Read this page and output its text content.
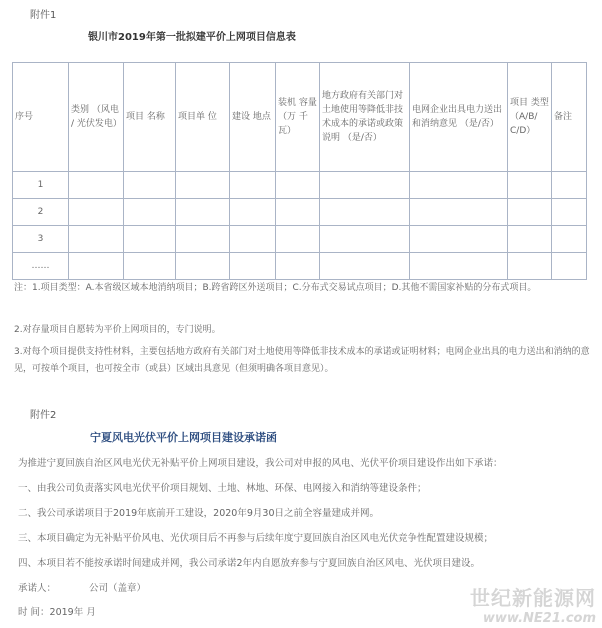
附件1
银川市2019年第一批拟建平价上网项目信息表
序号	类别 （风电 / 光伏发电）	项目 名称	项目单 位	建设 地点	装机 容量（万 千瓦）	地方政府有关部门对土地使用等降低非技术成本的承诺或政策说明 （是/否）	电网企业出具电力送出和消纳意见 （是/否）	项目 类型 （A/B/ C/D）	备注
1									
2									
3									
……									
注：1.项目类型：A.本省级区域本地消纳项目；B.跨省跨区外送项目；C.分布式交易试点项目；D.其他不需国家补贴的分布式项目。
2.对存量项目自愿转为平价上网项目的，专门说明。
3.对每个项目提供支持性材料，主要包括地方政府有关部门对土地使用等降低非技术成本的承诺或证明材料；电网企业出具的电力送出和消纳的意见，可按单个项目，也可按全市（或县）区域出具意见（但须明确各项目意见）。
附件2
宁夏风电光伏平价上网项目建设承诺函
为推进宁夏回族自治区风电光伏无补贴平价上网项目建设，我公司对申报的风电、光伏平价项目建设作出如下承诺：
一、由我公司负责落实风电光伏平价项目规划、土地、林地、环保、电网接入和消纳等建设条件；
二、我公司承诺项目于2019年底前开工建设，2020年9月30日之前全容量建成并网。
三、本项目确定为无补贴平价风电、光伏项目后不再参与后续年度宁夏回族自治区风电光伏竞争性配置建设规模；
四、本项目若不能按承诺时间建成并网，我公司承诺2年内自愿放弃参与宁夏回族自治区风电、光伏项目建设。
承诺人：	公司（盖章）
时 间：2019年 月
世纪新能源网
www.NE21.com
